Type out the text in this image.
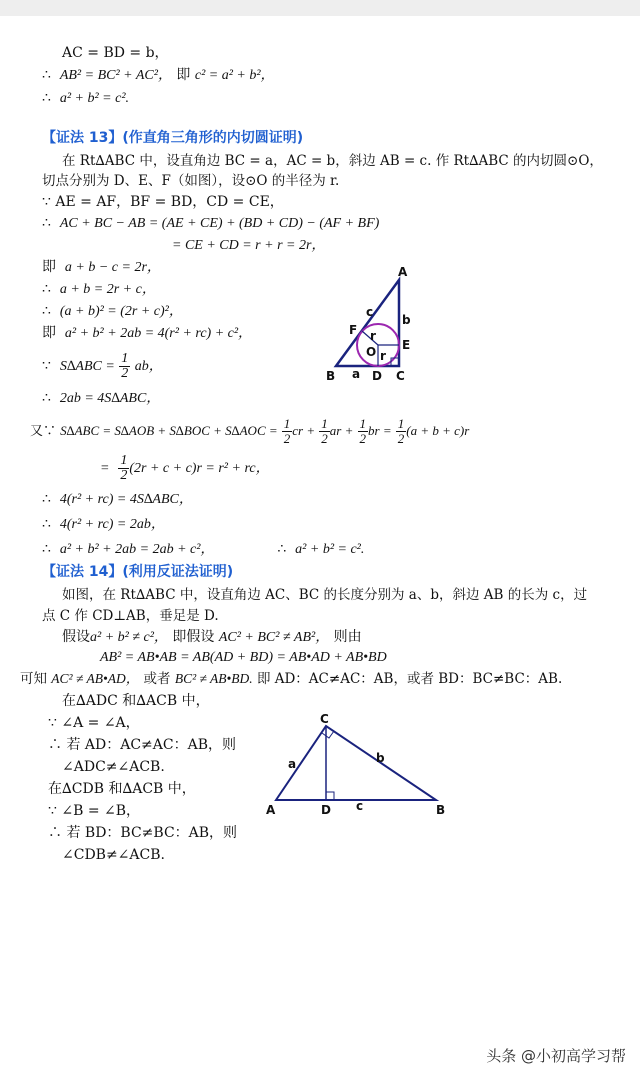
AC = BD = b，
∴ AB² = BC² + AC²， 即 c² = a² + b²，
∴ a² + b² = c².
【证法 13】(作直角三角形的内切圆证明)
在 Rt∆ABC 中，设直角边 BC = a，AC = b，斜边 AB = c. 作 Rt∆ABC 的内切圆⊙O，
切点分别为 D、E、F（如图），设⊙O 的半径为 r.
∵ AE = AF，BF = BD，CD = CE，
∴ AC + BC − AB = (AE + CE) + (BD + CD) − (AF + BF)
= CE + CD = r + r = 2r，
即 a + b − c = 2r，
∴ a + b = 2r + c，
∴ (a + b)² = (2r + c)²，
即 a² + b² + 2ab = 4(r² + rc) + c²，
∵ $S\Delta ABC = \frac{1}{2}$ ab，
∴ 2ab = 4S∆ABC，
又∵ $S\Delta ABC = S\Delta AOB + S\Delta BOC + S\Delta AOC = \frac{1}{2}$ cr + $\frac{1}{2}$ ar + $\frac{1}{2}$ br = $\frac{1}{2} (a + b + c)r$
= $\frac{1}{2} (2r + c + c)r = r^2$ + rc，
∴ 4(r² + rc) = 4S∆ABC，
∴ 4(r² + rc) = 2ab，
∴ a² + b² + 2ab = 2ab + c²，	∴ a² + b² = c².
A
B	C
D
E
F
O
a
b
c
r
r
【证法 14】(利用反证法证明)
如图，在 Rt∆ABC 中，设直角边 AC、BC 的长度分别为 a、b，斜边 AB 的长为 c，过
点 C 作 CD⊥AB，垂足是 D.
假设a² + b² ≠ c²， 即假设 AC² + BC² ≠ AB²， 则由
AB² = AB•AB = AB(AD + BD) = AB•AD + AB•BD
可知 AC² ≠ AB•AD， 或者 BC² ≠ AB•BD. 即 AD：AC≠AC：AB，或者 BD：BC≠BC：AB.
在∆ADC 和∆ACB 中，
∵ ∠A = ∠A，
∴ 若 AD：AC≠AC：AB，则
∠ADC≠∠ACB.
在∆CDB 和∆ACB 中，
∵ ∠B = ∠B，
∴ 若 BD：BC≠BC：AB，则
∠CDB≠∠ACB.
C
A	B
D
a	b
c
头条 @小初高学习帮
